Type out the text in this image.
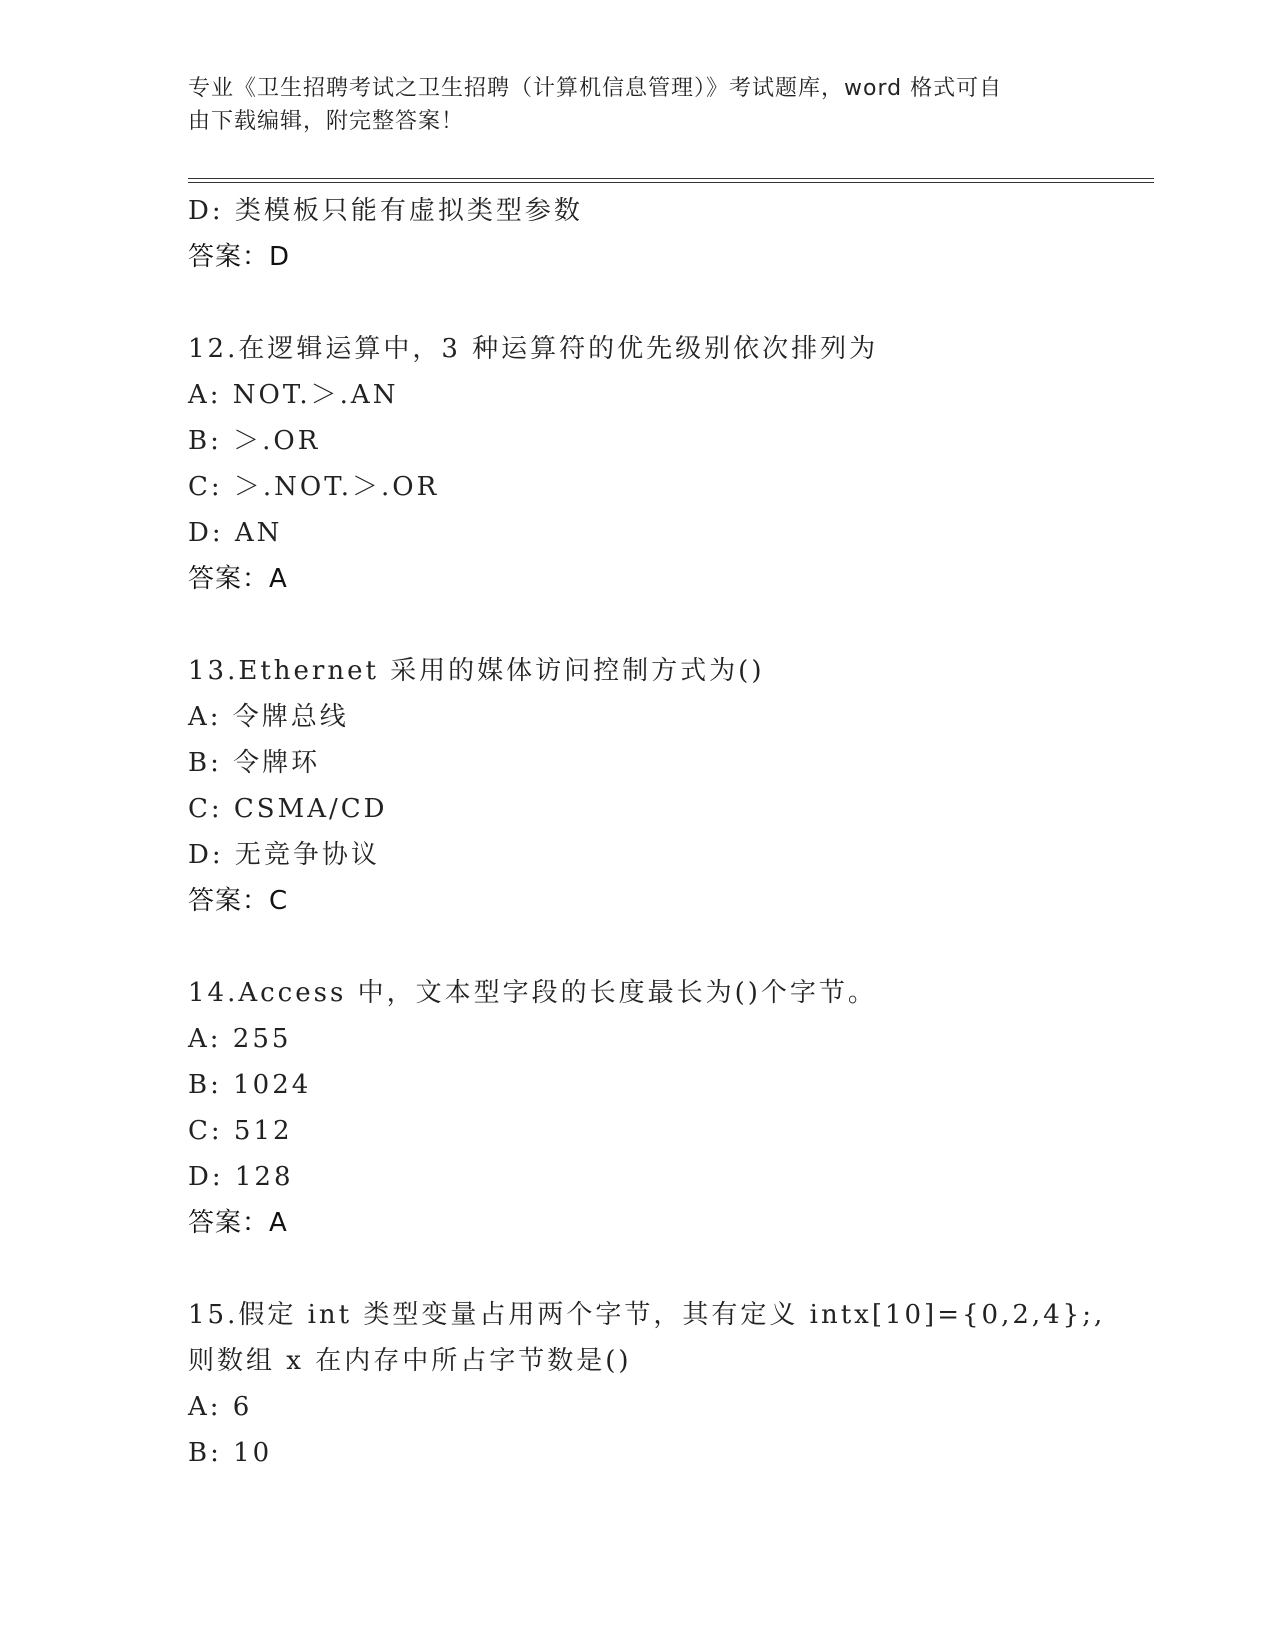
专业《卫生招聘考试之卫生招聘（计算机信息管理）》考试题库，word 格式可自
由下载编辑，附完整答案！
D: 类模板只能有虚拟类型参数
答案：D
12.在逻辑运算中，3 种运算符的优先级别依次排列为
A: NOT.＞.AN
B: ＞.OR
C: ＞.NOT.＞.OR
D: AN
答案：A
13.Ethernet 采用的媒体访问控制方式为()
A: 令牌总线
B: 令牌环
C: CSMA/CD
D: 无竞争协议
答案：C
14.Access 中，文本型字段的长度最长为()个字节。
A: 255
B: 1024
C: 512
D: 128
答案：A
15.假定 int 类型变量占用两个字节，其有定义 intx[10]={0,2,4};,
则数组 x 在内存中所占字节数是()
A: 6
B: 10
